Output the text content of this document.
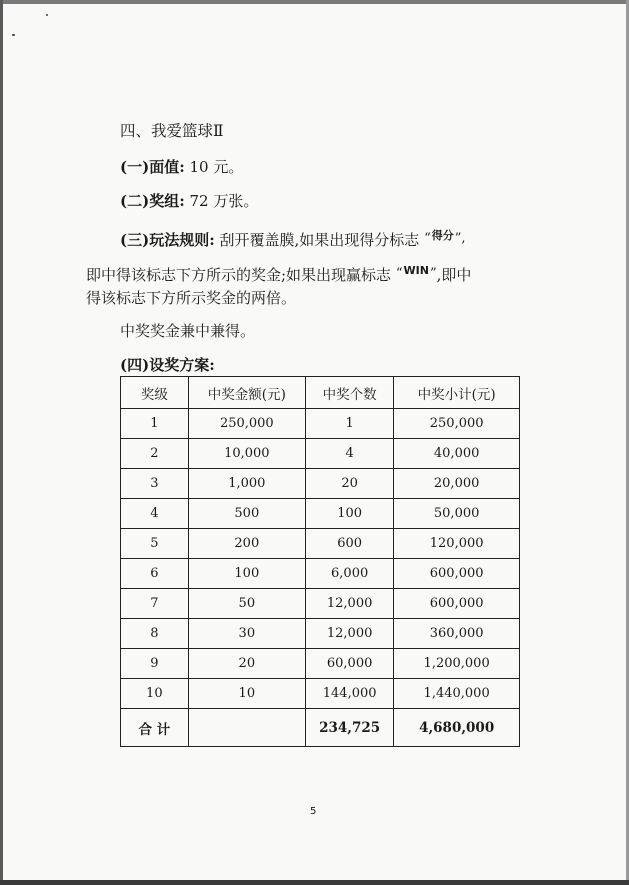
四、我爱篮球Ⅱ
(一)面值: 10 元。
(二)奖组: 72 万张。
(三)玩法规则: 刮开覆盖膜,如果出现得分标志 “得分”,
即中得该标志下方所示的奖金;如果出现赢标志 “WIN”,即中
得该标志下方所示奖金的两倍。
中奖奖金兼中兼得。
(四)设奖方案:
奖级	中奖金额(元)	中奖个数	中奖小计(元)
1	250,000	1	250,000
2	10,000	4	40,000
3	1,000	20	20,000
4	500	100	50,000
5	200	600	120,000
6	100	6,000	600,000
7	50	12,000	600,000
8	30	12,000	360,000
9	20	60,000	1,200,000
10	10	144,000	1,440,000
合 计		234,725	4,680,000
5
